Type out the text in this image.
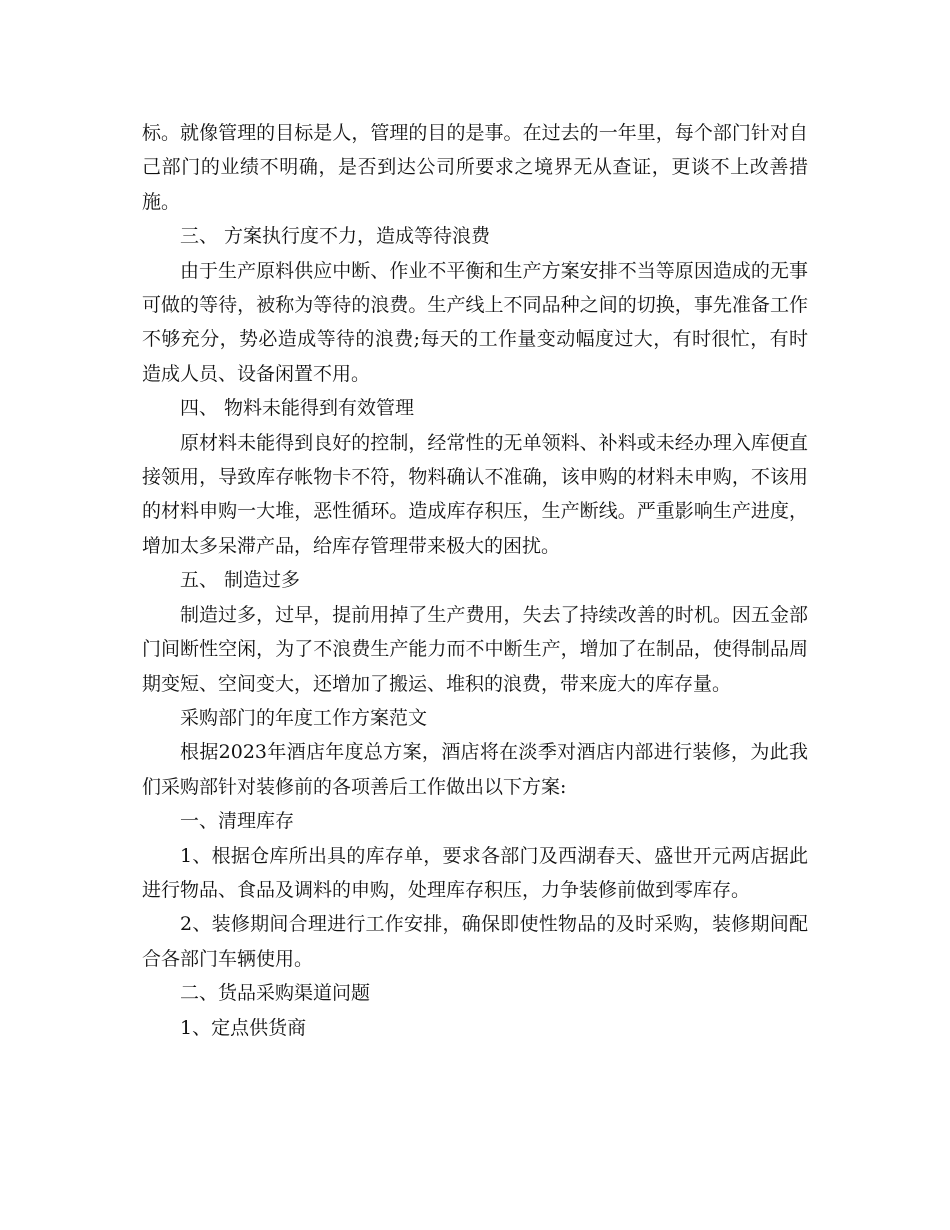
标。就像管理的目标是人，管理的目的是事。在过去的一年里，每个部门针对自己部门的业绩不明确，是否到达公司所要求之境界无从查证，更谈不上改善措施。

三、 方案执行度不力，造成等待浪费

由于生产原料供应中断、作业不平衡和生产方案安排不当等原因造成的无事可做的等待，被称为等待的浪费。生产线上不同品种之间的切换，事先准备工作不够充分，势必造成等待的浪费;每天的工作量变动幅度过大，有时很忙，有时造成人员、设备闲置不用。

四、 物料未能得到有效管理

原材料未能得到良好的控制，经常性的无单领料、补料或未经办理入库便直接领用，导致库存帐物卡不符，物料确认不准确，该申购的材料未申购，不该用的材料申购一大堆，恶性循环。造成库存积压，生产断线。严重影响生产进度，增加太多呆滞产品，给库存管理带来极大的困扰。

五、 制造过多

制造过多，过早，提前用掉了生产费用，失去了持续改善的时机。因五金部门间断性空闲，为了不浪费生产能力而不中断生产，增加了在制品，使得制品周期变短、空间变大，还增加了搬运、堆积的浪费，带来庞大的库存量。

采购部门的年度工作方案范文

根据2023年酒店年度总方案，酒店将在淡季对酒店内部进行装修，为此我们采购部针对装修前的各项善后工作做出以下方案:

一、清理库存

1、根据仓库所出具的库存单，要求各部门及西湖春天、盛世开元两店据此进行物品、食品及调料的申购，处理库存积压，力争装修前做到零库存。

2、装修期间合理进行工作安排，确保即使性物品的及时采购，装修期间配合各部门车辆使用。

二、货品采购渠道问题

1、定点供货商
